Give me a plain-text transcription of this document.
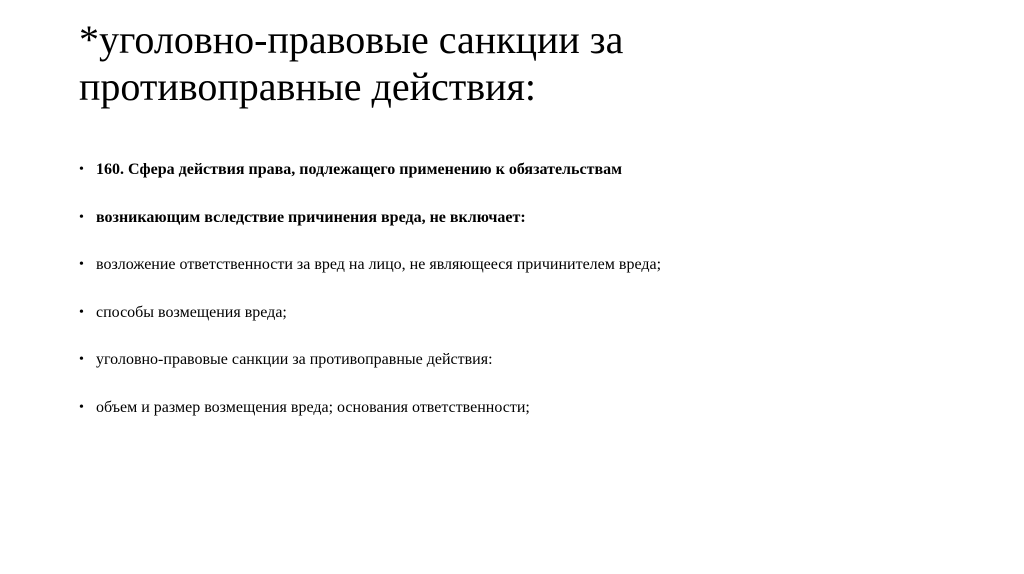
*уголовно-правовые санкции за
противоправные действия:
• 160. Сфера действия права, подлежащего применению к обязательствам
• возникающим вследствие причинения вреда, не включает:
• возложение ответственности за вред на лицо, не являющееся причинителем вреда;
• способы возмещения вреда;
• уголовно-правовые санкции за противоправные действия:
• объем и размер возмещения вреда; основания ответственности;
